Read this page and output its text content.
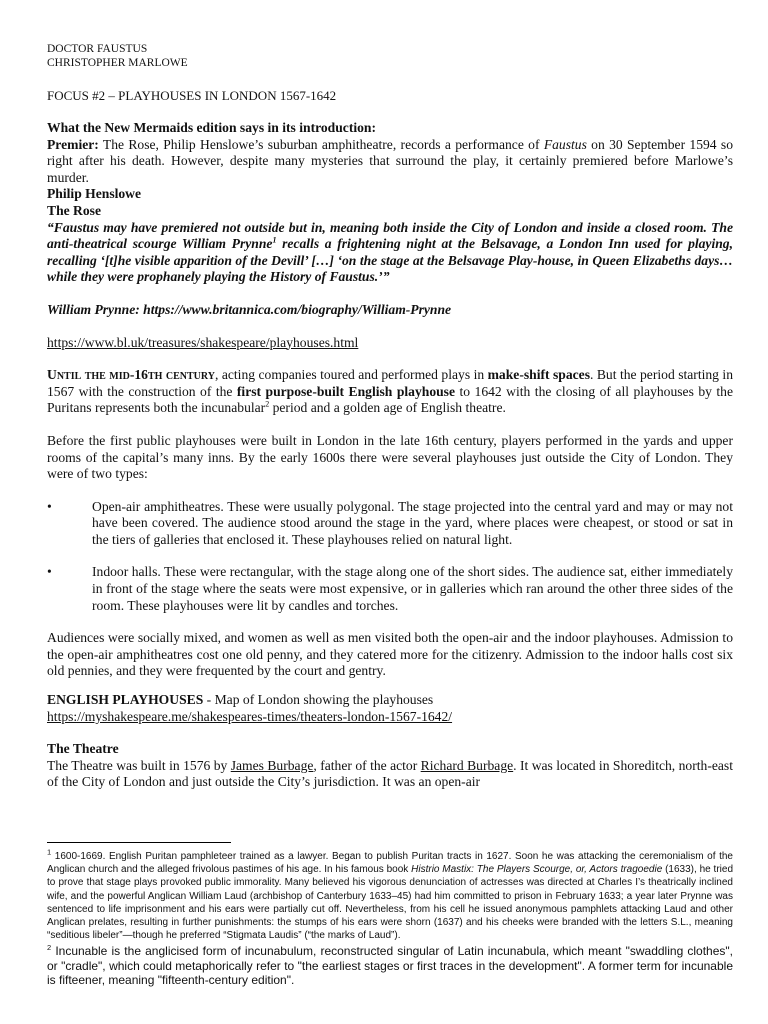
DOCTOR FAUSTUS

CHRISTOPHER MARLOWE

FOCUS #2 – PLAYHOUSES IN LONDON 1567-1642

What the New Mermaids edition says in its introduction:

Premier: The Rose, Philip Henslowe’s suburban amphitheatre, records a performance of Faustus on 30 September 1594 so right after his death. However, despite many mysteries that surround the play, it certainly premiered before Marlowe’s murder.

Philip Henslowe

The Rose

“Faustus may have premiered not outside but in, meaning both inside the City of London and inside a closed room. The anti-theatrical scourge William Prynne$^1$ recalls a frightening night at the Belsavage, a London Inn used for playing, recalling ‘[t]he visible apparition of the Devill’ […] ‘on the stage at the Belsavage Play-house, in Queen Elizabeths days…while they were prophanely playing the History of Faustus.’”

William Prynne: https://www.britannica.com/biography/William-Prynne

https://www.bl.uk/treasures/shakespeare/playhouses.html

Until the mid-16th century, acting companies toured and performed plays in make-shift spaces. But the period starting in 1567 with the construction of the first purpose-built English playhouse to 1642 with the closing of all playhouses by the Puritans represents both the incunabular$^2$ period and a golden age of English theatre.

Before the first public playhouses were built in London in the late 16th century, players performed in the yards and upper rooms of the capital’s many inns. By the early 1600s there were several playhouses just outside the City of London. They were of two types:

•	Open-air amphitheatres. These were usually polygonal. The stage projected into the central yard and may or may not have been covered. The audience stood around the stage in the yard, where places were cheapest, or stood or sat in the tiers of galleries that enclosed it. These playhouses relied on natural light.

•	Indoor halls. These were rectangular, with the stage along one of the short sides. The audience sat, either immediately in front of the stage where the seats were most expensive, or in galleries which ran around the other three sides of the room. These playhouses were lit by candles and torches.

Audiences were socially mixed, and women as well as men visited both the open-air and the indoor playhouses. Admission to the open-air amphitheatres cost one old penny, and they catered more for the citizenry. Admission to the indoor halls cost six old pennies, and they were frequented by the court and gentry.

ENGLISH PLAYHOUSES - Map of London showing the playhouses

https://myshakespeare.me/shakespeares-times/theaters-london-1567-1642/

The Theatre

The Theatre was built in 1576 by James Burbage, father of the actor Richard Burbage. It was located in Shoreditch, north-east of the City of London and just outside the City’s jurisdiction. It was an open-air

$^1$ 1600-1669. English Puritan pamphleteer trained as a lawyer. Began to publish Puritan tracts in 1627. Soon he was attacking the ceremonialism of the Anglican church and the alleged frivolous pastimes of his age. In his famous book Histrio Mastix: The Players Scourge, or, Actors tragoedie (1633), he tried to prove that stage plays provoked public immorality. Many believed his vigorous denunciation of actresses was directed at Charles I’s theatrically inclined wife, and the powerful Anglican William Laud (archbishop of Canterbury 1633–45) had him committed to prison in February 1633; a year later Prynne was sentenced to life imprisonment and his ears were partially cut off. Nevertheless, from his cell he issued anonymous pamphlets attacking Laud and other Anglican prelates, resulting in further punishments: the stumps of his ears were shorn (1637) and his cheeks were branded with the letters S.L., meaning “seditious libeler”—though he preferred “Stigmata Laudis” (“the marks of Laud”).

$^2$ Incunable is the anglicised form of incunabulum, reconstructed singular of Latin incunabula, which meant "swaddling clothes", or "cradle", which could metaphorically refer to "the earliest stages or first traces in the development". A former term for incunable is fifteener, meaning "fifteenth-century edition".
